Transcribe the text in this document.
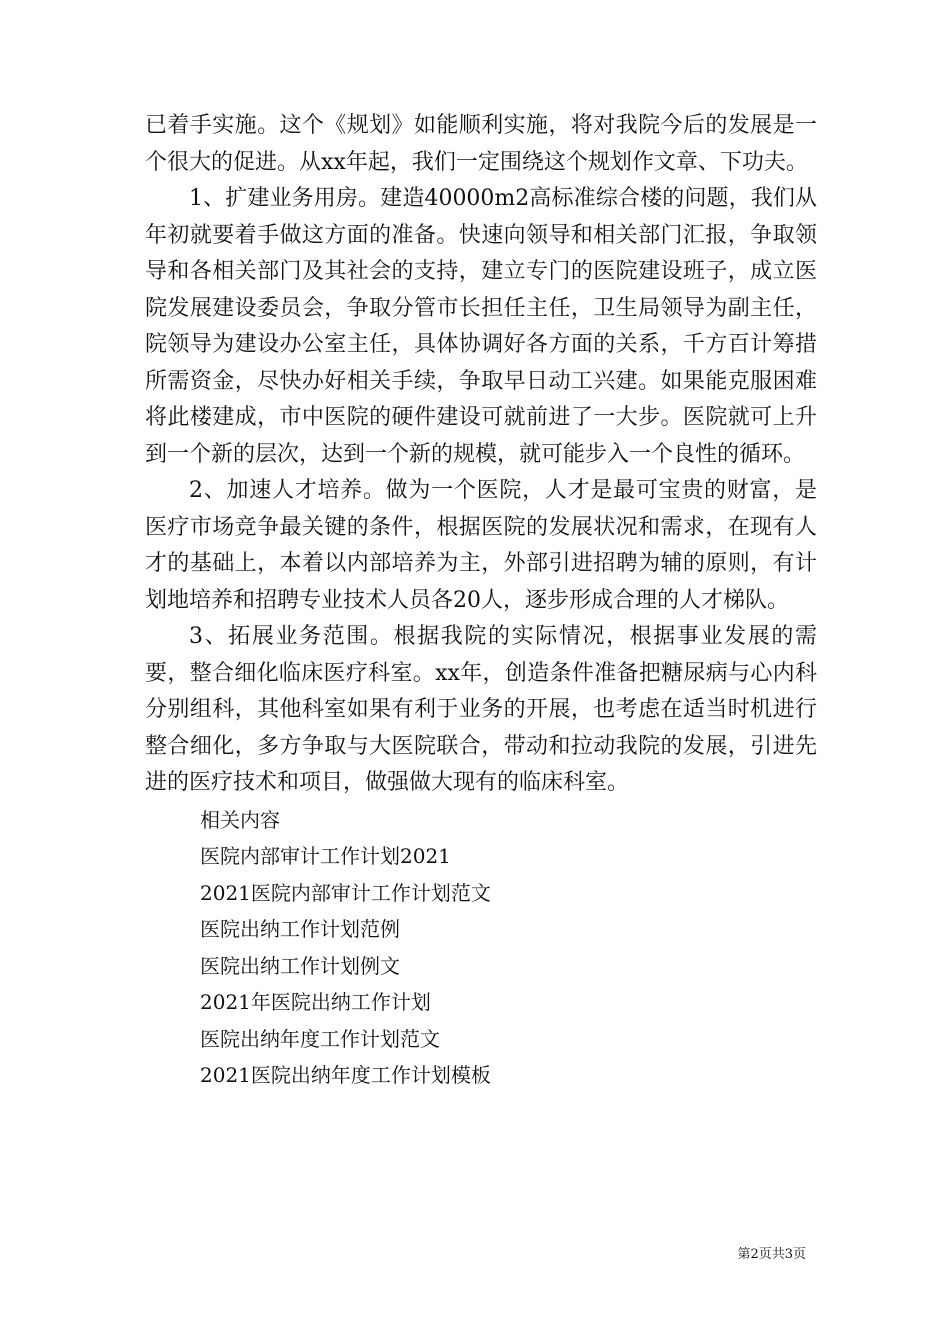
已着手实施。这个《规划》如能顺利实施，将对我院今后的发展是一个很大的促进。从xx年起，我们一定围绕这个规划作文章、下功夫。

1、扩建业务用房。建造40000m2高标准综合楼的问题，我们从年初就要着手做这方面的准备。快速向领导和相关部门汇报，争取领导和各相关部门及其社会的支持，建立专门的医院建设班子，成立医院发展建设委员会，争取分管市长担任主任，卫生局领导为副主任，院领导为建设办公室主任，具体协调好各方面的关系，千方百计筹措所需资金，尽快办好相关手续，争取早日动工兴建。如果能克服困难将此楼建成，市中医院的硬件建设可就前进了一大步。医院就可上升到一个新的层次，达到一个新的规模，就可能步入一个良性的循环。

2、加速人才培养。做为一个医院，人才是最可宝贵的财富，是医疗市场竞争最关键的条件，根据医院的发展状况和需求，在现有人才的基础上，本着以内部培养为主，外部引进招聘为辅的原则，有计划地培养和招聘专业技术人员各20人，逐步形成合理的人才梯队。

3、拓展业务范围。根据我院的实际情况，根据事业发展的需要，整合细化临床医疗科室。xx年，创造条件准备把糖尿病与心内科分别组科，其他科室如果有利于业务的开展，也考虑在适当时机进行整合细化，多方争取与大医院联合，带动和拉动我院的发展，引进先进的医疗技术和项目，做强做大现有的临床科室。

相关内容
医院内部审计工作计划2021
2021医院内部审计工作计划范文
医院出纳工作计划范例
医院出纳工作计划例文
2021年医院出纳工作计划
医院出纳年度工作计划范文
2021医院出纳年度工作计划模板
第2页共3页
